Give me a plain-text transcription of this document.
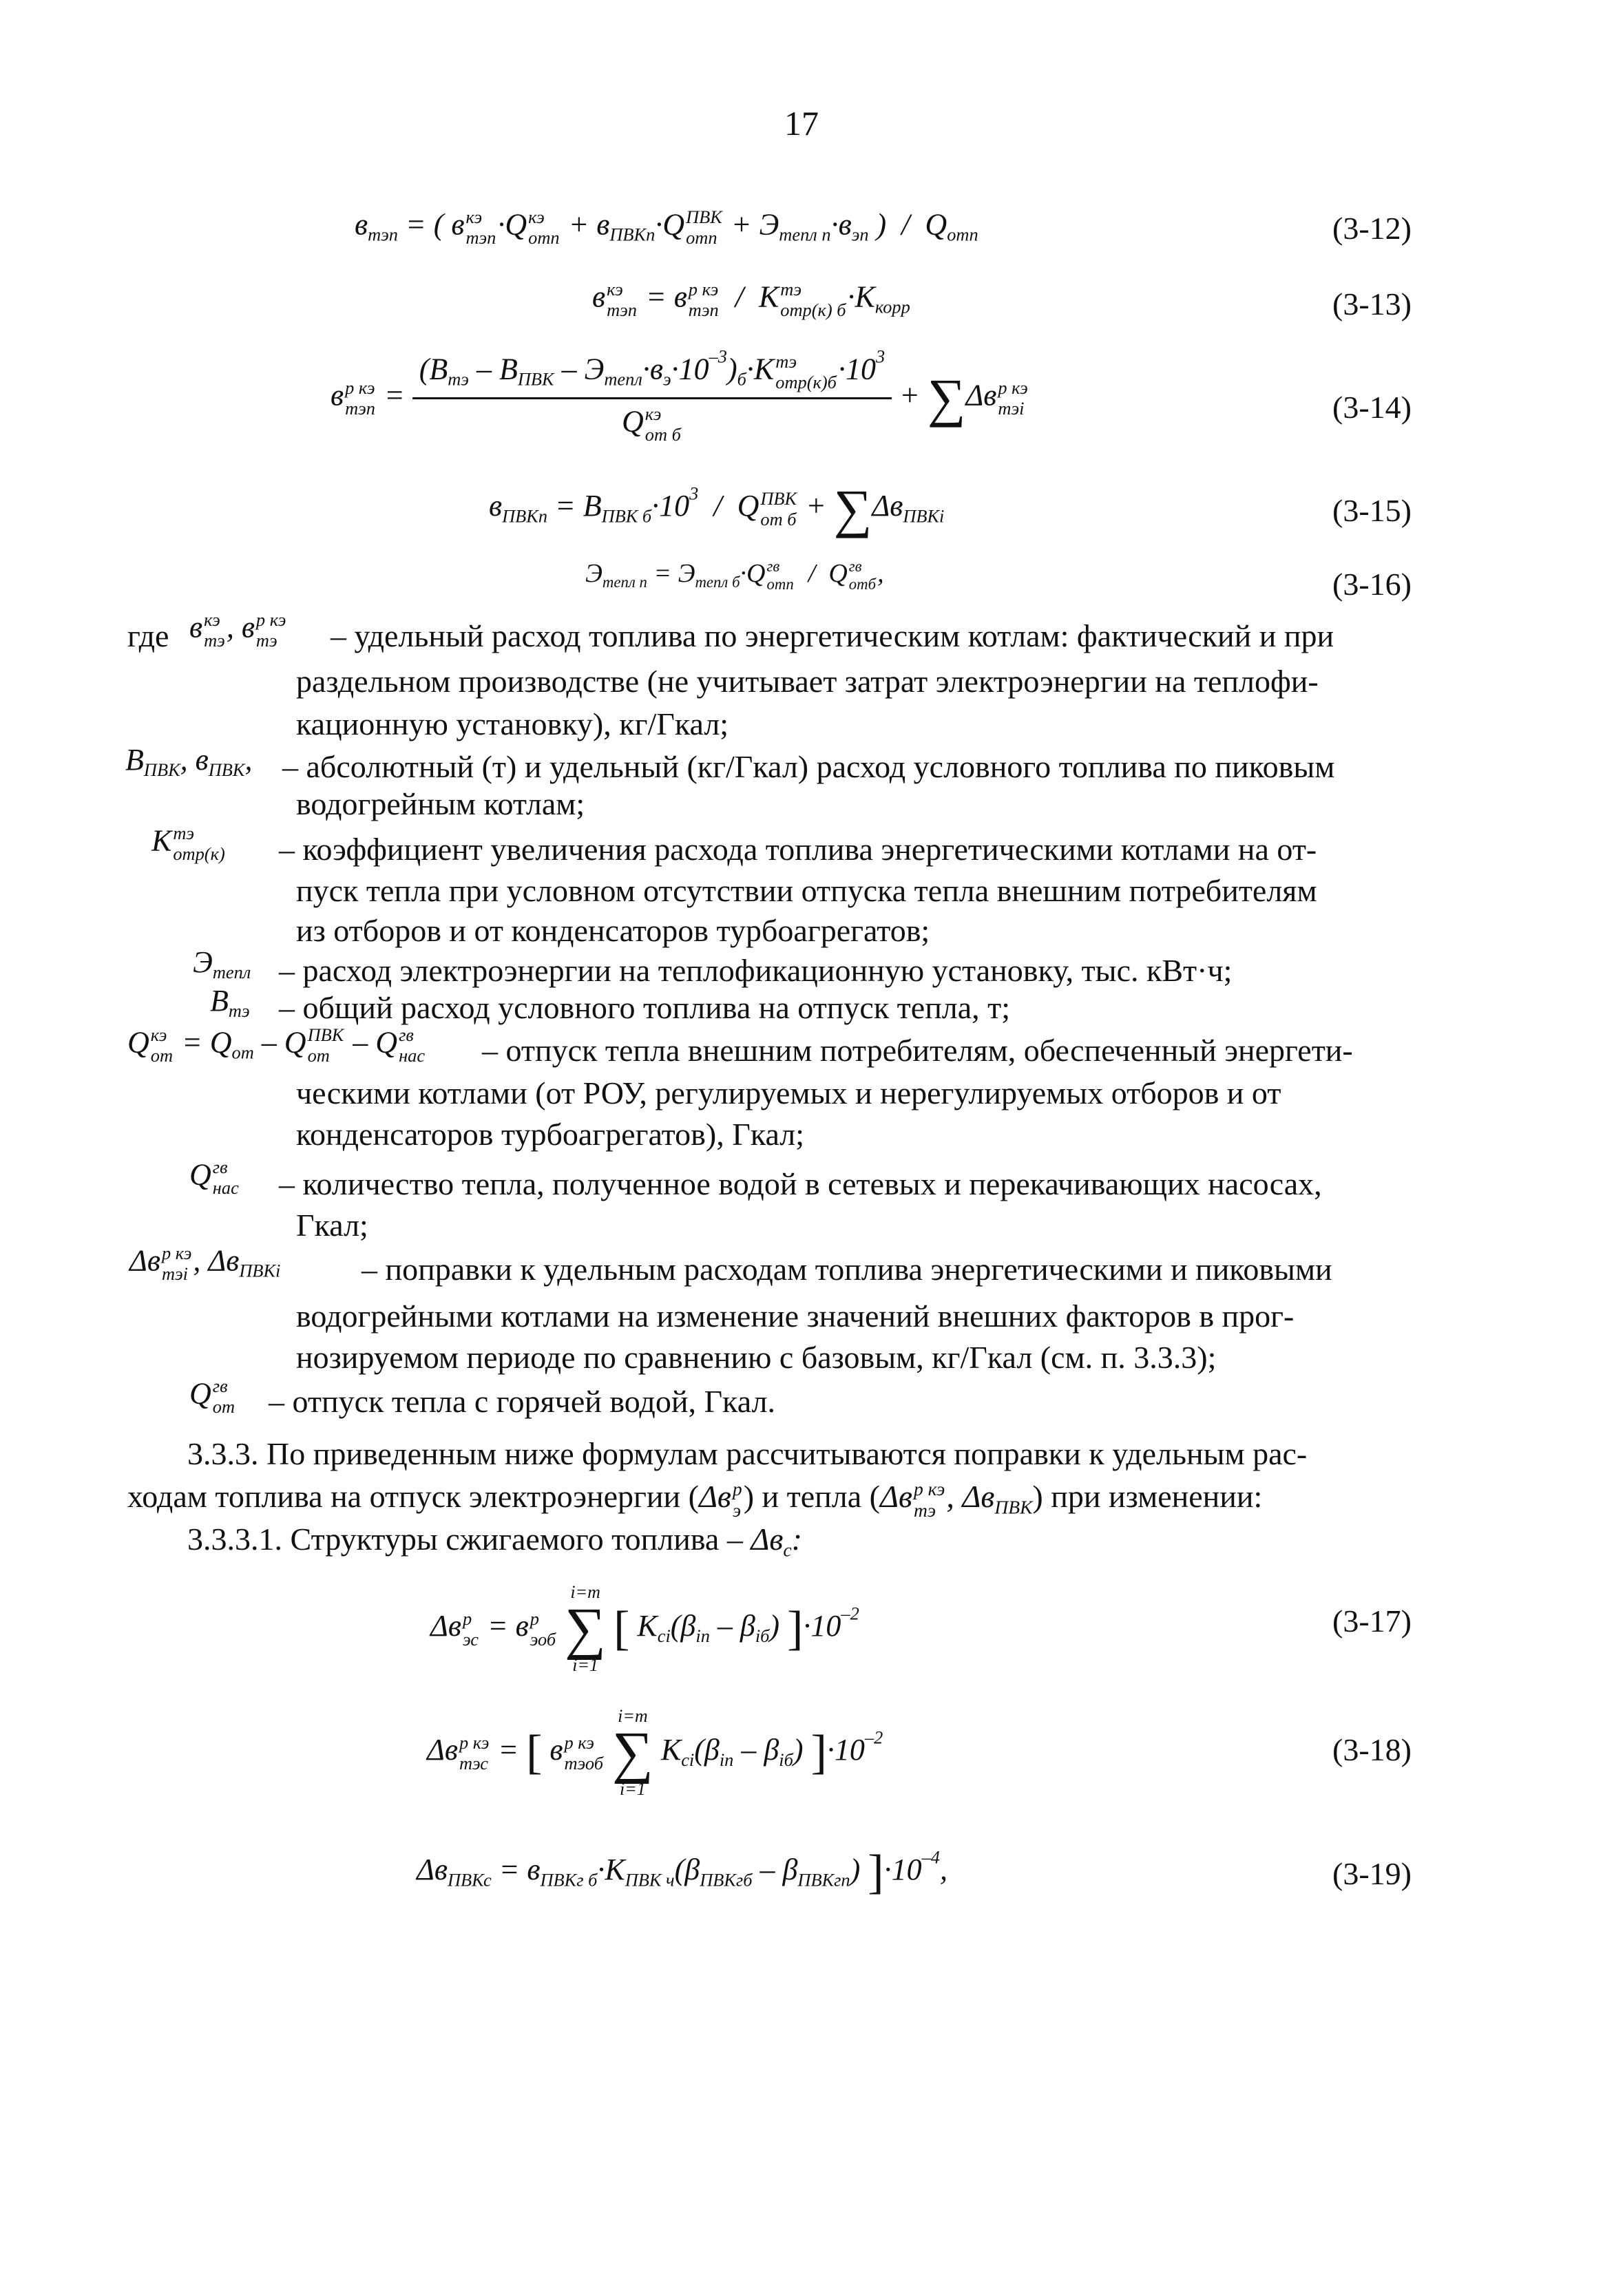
17
$в_{тэп}$ = ( в кэ
тэп ·Q кэ
отп + $в_{ПВКп}\cdot Q$ ПВК
отп + $Э_{тепл п}\cdot в_{эп}$ )  /  $Q_{отп}$	(3-12)
в кэ
тэп = в р кэ
тэп /  K тэ
отр(к) $б \cdot K_{корр}$	(3-13)
в р кэ
тэп = $(В_{тэ} - В_{ПВК} - Э_{тепл}\cdot в_э\cdot 10^{-3})_б\cdot K$ тэ
$отр(к)б \cdot 10^3$
Q кэ
от б + ∑Δв р кэ
тэi	(3-14)
$в_{ПВКп} = В_{ПВК б}\cdot 10^3 / Q$ ПВК
от $б + \sum\Delta в_{ПВКi}$	(3-15)
$Э_{тепл п} = Э_{тепл б}\cdot Q$ гв
отп /  Q гв
отб ,	(3-16)
где в кэ
тэ , в р кэ
тэ – удельный расход топлива по энергетическим котлам: фактический и при
раздельном производстве (не учитывает затрат электроэнергии на теплофи-
кационную установку), кг/Гкал;
$В_{ПВК}$, $в_{ПВК}$, – абсолютный (т) и удельный (кг/Гкал) расход условного топлива по пиковым
водогрейным котлам;
K тэ
отр(к) – коэффициент увеличения расхода топлива энергетическими котлами на от-
пуск тепла при условном отсутствии отпуска тепла внешним потребителям
из отборов и от конденсаторов турбоагрегатов;
$Э_{тепл}$ – расход электроэнергии на теплофикационную установку, тыс. кВт·ч;
$В_{тэ}$ – общий расход условного топлива на отпуск тепла, т;
Q кэ
от = $Q_{от}$ – Q ПВК
от – Q гв
нас – отпуск тепла внешним потребителям, обеспеченный энергети-
ческими котлами (от РОУ, регулируемых и нерегулируемых отборов и от
конденсаторов турбоагрегатов), Гкал;
Q гв
нас – количество тепла, полученное водой в сетевых и перекачивающих насосах,
Гкал;
Δв р кэ
тэi , $\Delta в_{ПВКi}$	– поправки к удельным расходам топлива энергетическими и пиковыми
водогрейными котлами на изменение значений внешних факторов в прог-
нозируемом периоде по сравнению с базовым, кг/Гкал (см. п. 3.3.3);
Q гв
от – отпуск тепла с горячей водой, Гкал.
3.3.3. По приведенным ниже формулам рассчитываются поправки к удельным рас-
ходам топлива на отпуск электроэнергии (Δв р
э ) и тепла (Δв р кэ
тэ , $\Delta в_{ПВК}$) при изменении:
3.3.3.1. Структуры сжигаемого топлива – $\Delta в_с$:
Δв р
эс = в р
эоб

i=m
∑
i=1
[ $K_{сi}(\beta_{iп} - \beta_{iб})$ ]$\cdot 10^{-2}$	(3-17)
Δв р кэ
тэс = [ в р кэ
тэоб

i=m
∑
i=1
$K_{сi}(\beta_{iп} - \beta_{iб})$ ]$\cdot 10^{-2}$	(3-18)
$\Delta в_{ПВКс} = в_{ПВКг б}\cdot K_{ПВК ч}(\beta_{ПВКгб} - \beta_{ПВКгп})$ ]$\cdot 10^{-4}$,	(3-19)
